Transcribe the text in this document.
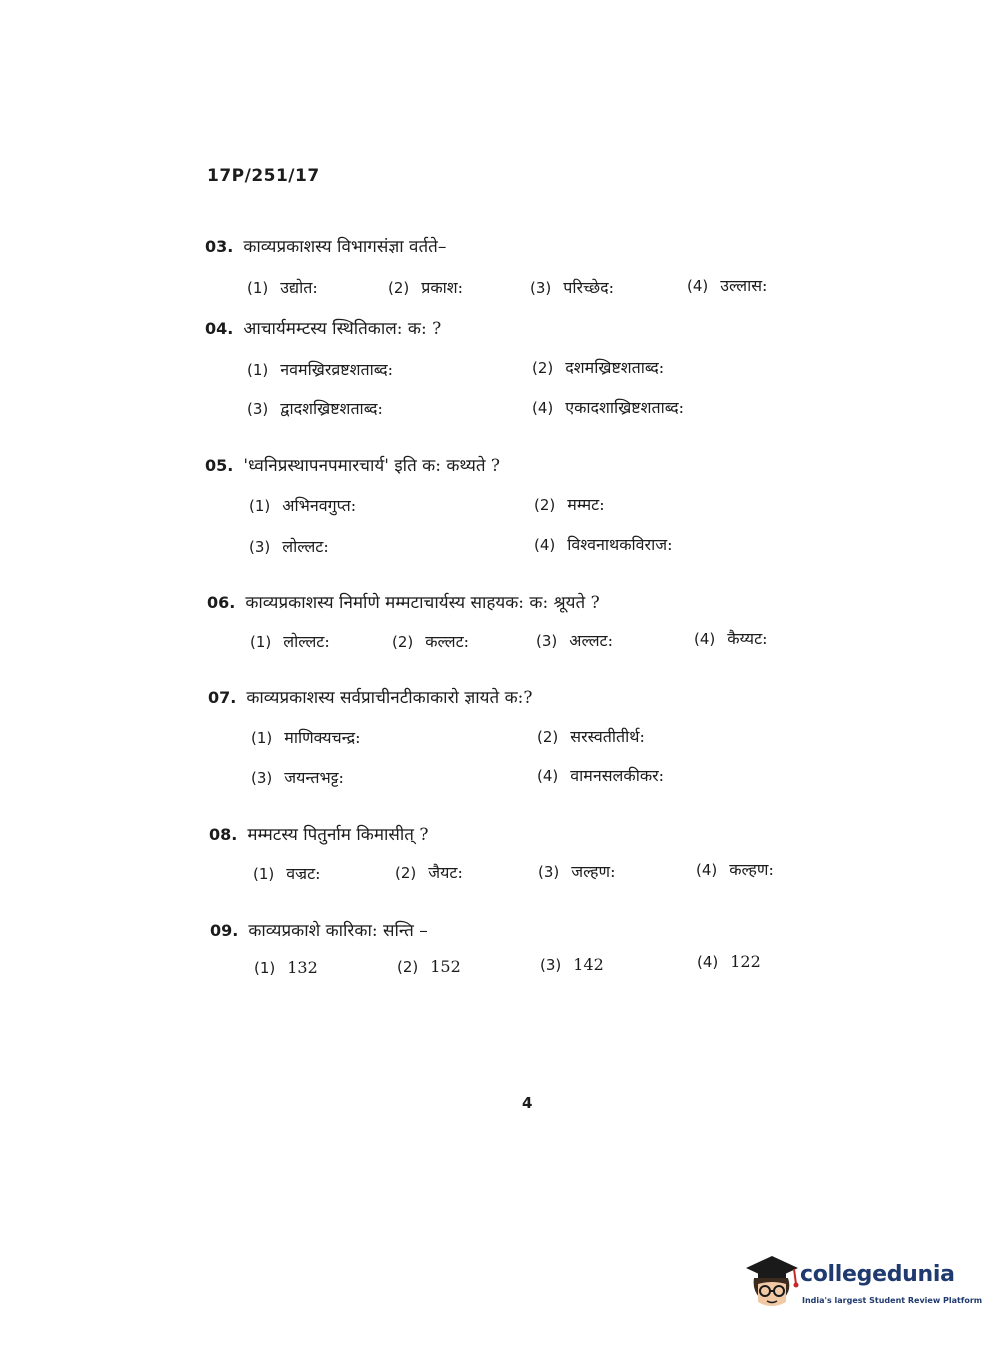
17P/251/17
03. काव्यप्रकाशस्य विभागसंज्ञा वर्तते–
(1) उद्योत:	(2) प्रकाश:	(3) परिच्छेद:	(4) उल्लास:
04. आचार्यमम्टस्य स्थितिकाल: क: ?
(1) नवमख्रिरव्रष्टशताब्द:	(2) दशमख्रिष्टशताब्द:
(3) द्वादशख्रिष्टशताब्द:	(4) एकादशाख्रिष्टशताब्द:
05. 'ध्वनिप्रस्थापनपमारचार्य' इति क: कथ्यते ?
(1) अभिनवगुप्त:	(2) मम्मट:
(3) लोल्लट:	(4) विश्वनाथकविराज:
06. काव्यप्रकाशस्य निर्माणे मम्मटाचार्यस्य साहयक: क: श्रूयते ?
(1) लोल्लट:	(2) कल्लट:	(3) अल्लट:	(4) कैय्यट:
07. काव्यप्रकाशस्य सर्वप्राचीनटीकाकारो ज्ञायते क:?
(1) माणिक्यचन्द्र:	(2) सरस्वतीतीर्थ:
(3) जयन्तभट्ट:	(4) वामनसलकीकर:
08. मम्मटस्य पितुर्नाम किमासीत् ?
(1) वज्रट:	(2) जैयट:	(3) जल्हण:	(4) कल्हण:
09. काव्यप्रकाशे कारिका: सन्ति –
(1) 132	(2) 152	(3) 142	(4) 122
4
collegedunia
India's largest Student Review Platform
